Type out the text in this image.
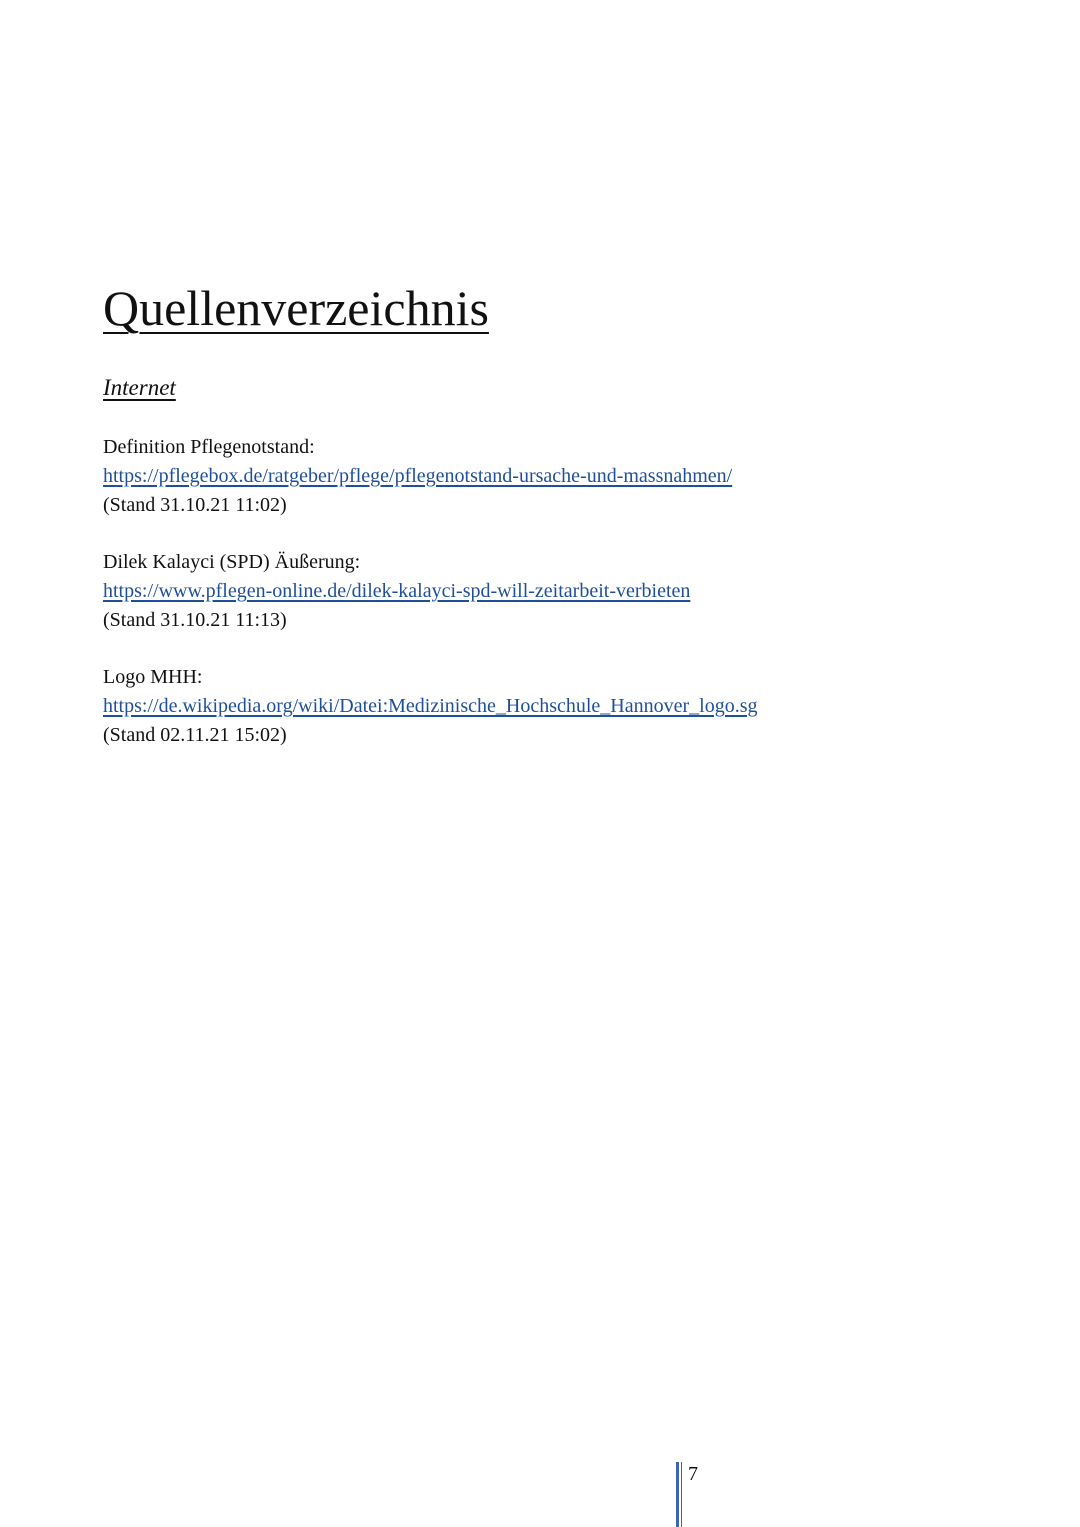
Quellenverzeichnis
Internet
Definition Pflegenotstand:
https://pflegebox.de/ratgeber/pflege/pflegenotstand-ursache-und-massnahmen/
(Stand 31.10.21 11:02)
Dilek Kalayci (SPD) Äußerung:
https://www.pflegen-online.de/dilek-kalayci-spd-will-zeitarbeit-verbieten
(Stand 31.10.21 11:13)
Logo MHH:
https://de.wikipedia.org/wiki/Datei:Medizinische_Hochschule_Hannover_logo.sg
(Stand 02.11.21 15:02)
7
